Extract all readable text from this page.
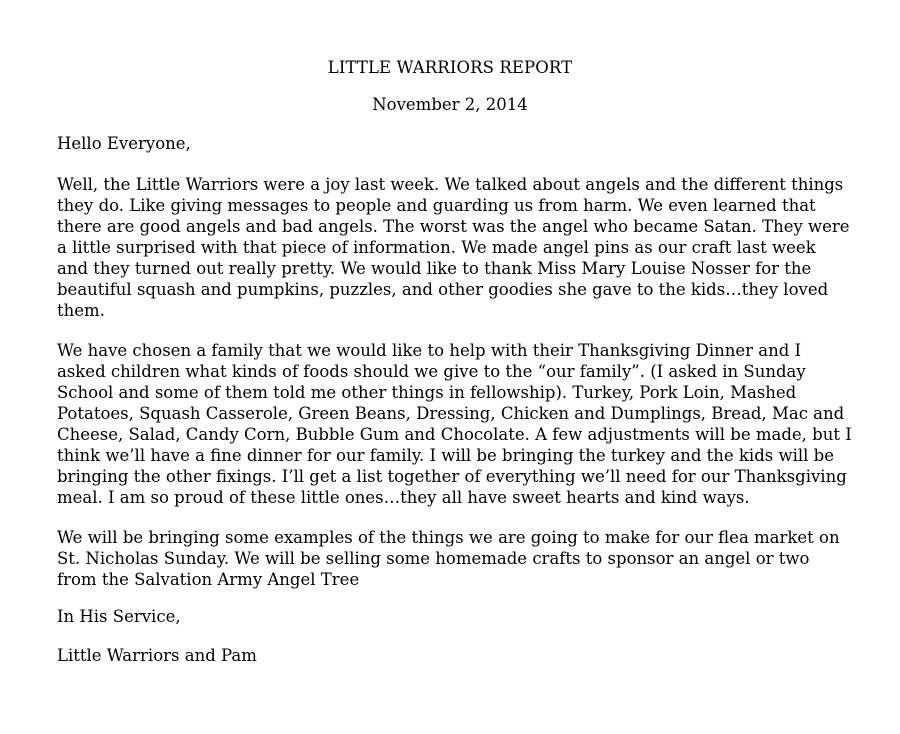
LITTLE WARRIORS REPORT
November 2, 2014
Hello Everyone,
Well, the Little Warriors were a joy last week. We talked about angels and the different things
they do. Like giving messages to people and guarding us from harm. We even learned that
there are good angels and bad angels. The worst was the angel who became Satan. They were
a little surprised with that piece of information. We made angel pins as our craft last week
and they turned out really pretty. We would like to thank Miss Mary Louise Nosser for the
beautiful squash and pumpkins, puzzles, and other goodies she gave to the kids…they loved
them.
We have chosen a family that we would like to help with their Thanksgiving Dinner and I
asked children what kinds of foods should we give to the “our family”. (I asked in Sunday
School and some of them told me other things in fellowship). Turkey, Pork Loin, Mashed
Potatoes, Squash Casserole, Green Beans, Dressing, Chicken and Dumplings, Bread, Mac and
Cheese, Salad, Candy Corn, Bubble Gum and Chocolate. A few adjustments will be made, but I
think we’ll have a fine dinner for our family. I will be bringing the turkey and the kids will be
bringing the other fixings. I’ll get a list together of everything we’ll need for our Thanksgiving
meal. I am so proud of these little ones…they all have sweet hearts and kind ways.
We will be bringing some examples of the things we are going to make for our flea market on
St. Nicholas Sunday. We will be selling some homemade crafts to sponsor an angel or two
from the Salvation Army Angel Tree
In His Service,
Little Warriors and Pam
